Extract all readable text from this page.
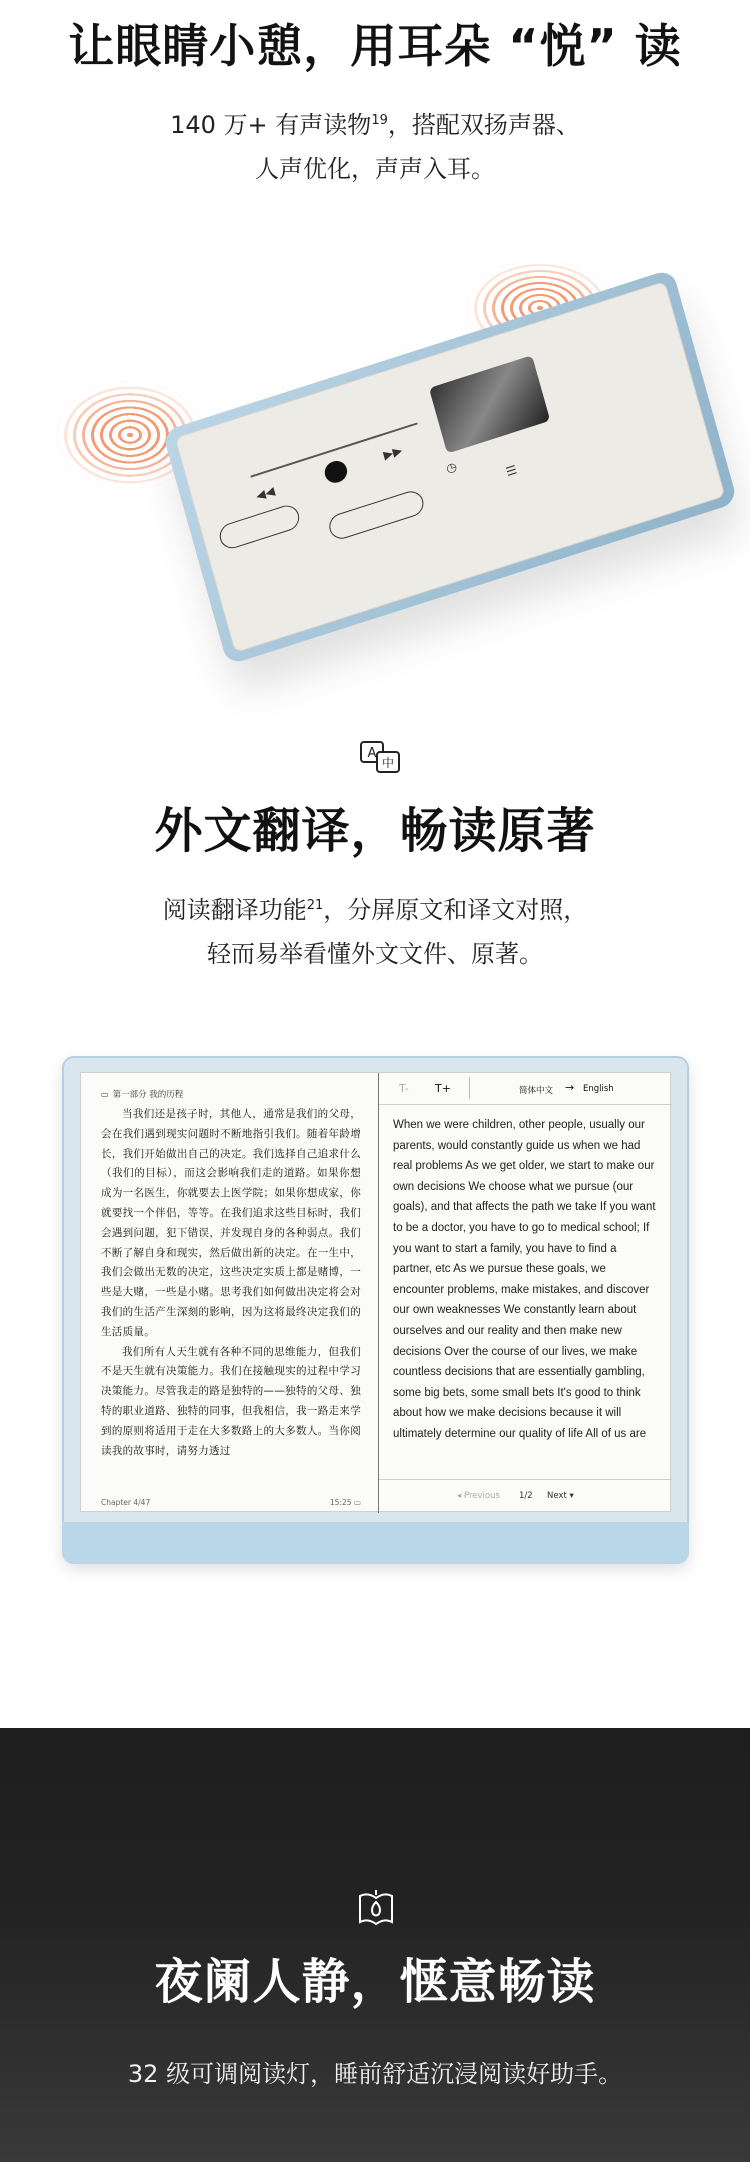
让眼睛小憩，用耳朵 “悦” 读
140 万+ 有声读物$^{19}$，搭配双扬声器、
人声优化，声声入耳。
◀◀
▶▶
☰
◷
A
中
外文翻译，畅读原著
阅读翻译功能$^{21}$，分屏原文和译文对照，
轻而易举看懂外文文件、原著。
▭ 第一部分 我的历程

当我们还是孩子时，其他人，通常是我们的父母，会在我们遇到现实问题时不断地指引我们。随着年龄增长，我们开始做出自己的决定。我们选择自己追求什么（我们的目标），而这会影响我们走的道路。如果你想成为一名医生，你就要去上医学院；如果你想成家，你就要找一个伴侣，等等。在我们追求这些目标时，我们会遇到问题，犯下错误，并发现自身的各种弱点。我们不断了解自身和现实，然后做出新的决定。在一生中，我们会做出无数的决定，这些决定实质上都是赌博，一些是大赌，一些是小赌。思考我们如何做出决定将会对我们的生活产生深刻的影响，因为这将最终决定我们的生活质量。

我们所有人天生就有各种不同的思维能力，但我们不是天生就有决策能力。我们在接触现实的过程中学习决策能力。尽管我走的路是独特的——独特的父母、独特的职业道路、独特的同事，但我相信，我一路走来学到的原则将适用于走在大多数路上的大多数人。当你阅读我的故事时，请努力透过

Chapter 4/47	15:25 ▭
T- T+	简体中文 → English
When we were children, other people, usually our parents, would constantly guide us when we had real problems As we get older, we start to make our own decisions We choose what we pursue (our goals), and that affects the path we take If you want to be a doctor, you have to go to medical school; If you want to start a family, you have to find a partner, etc As we pursue these goals, we encounter problems, make mistakes, and discover our own weaknesses We constantly learn about ourselves and our reality and then make new decisions Over the course of our lives, we make countless decisions that are essentially gambling, some big bets, some small bets It's good to think about how we make decisions because it will ultimately determine our quality of life All of us are
◂ Previous 1/2 Next ▾
夜阑人静，惬意畅读
32 级可调阅读灯，睡前舒适沉浸阅读好助手。
